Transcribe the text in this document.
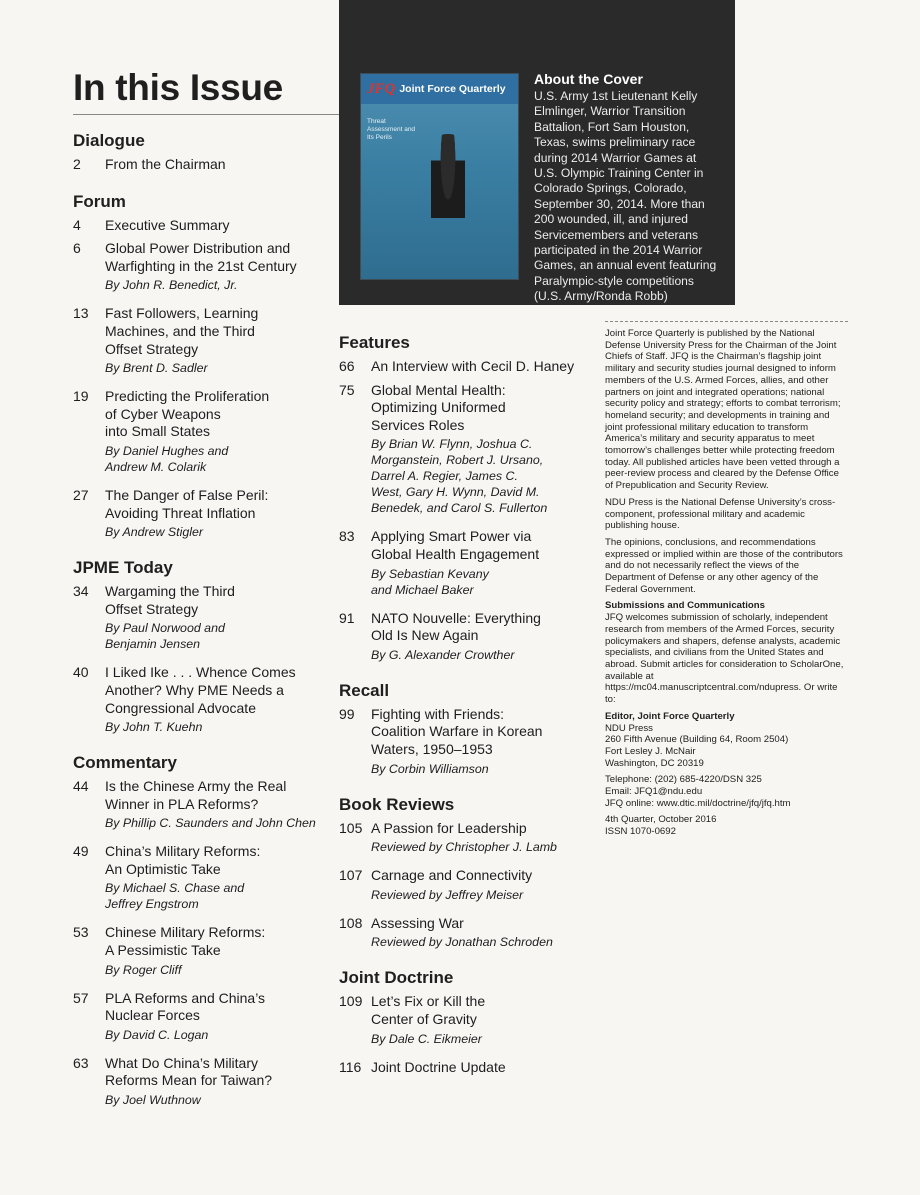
In this Issue
Dialogue
2	From the Chairman
Forum
4	Executive Summary
6	Global Power Distribution and
Warfighting in the 21st Century
By John R. Benedict, Jr.
13	Fast Followers, Learning
Machines, and the Third
Offset Strategy
By Brent D. Sadler
19	Predicting the Proliferation
of Cyber Weapons
into Small States
By Daniel Hughes and
Andrew M. Colarik
27	The Danger of False Peril:
Avoiding Threat Inflation
By Andrew Stigler
JPME Today
34	Wargaming the Third
Offset Strategy
By Paul Norwood and
Benjamin Jensen
40	I Liked Ike . . . Whence Comes
Another? Why PME Needs a
Congressional Advocate
By John T. Kuehn
Commentary
44	Is the Chinese Army the Real
Winner in PLA Reforms?
By Phillip C. Saunders and John Chen
49	China’s Military Reforms:
An Optimistic Take
By Michael S. Chase and
Jeffrey Engstrom
53	Chinese Military Reforms:
A Pessimistic Take
By Roger Cliff
57	PLA Reforms and China’s
Nuclear Forces
By David C. Logan
63	What Do China’s Military
Reforms Mean for Taiwan?
By Joel Wuthnow
JFQ Joint Force Quarterly
Threat Assessment and Its Perils
About the Cover
U.S. Army 1st Lieutenant Kelly Elmlinger, Warrior Transition Battalion, Fort Sam Houston, Texas, swims preliminary race during 2014 Warrior Games at U.S. Olympic Training Center in Colorado Springs, Colorado, September 30, 2014. More than 200 wounded, ill, and injured Servicemembers and veterans participated in the 2014 Warrior Games, an annual event featuring Paralympic-style competitions (U.S. Army/Ronda Robb)
Features
66	An Interview with Cecil D. Haney
75	Global Mental Health:
Optimizing Uniformed
Services Roles
By Brian W. Flynn, Joshua C.
Morganstein, Robert J. Ursano,
Darrel A. Regier, James C.
West, Gary H. Wynn, David M.
Benedek, and Carol S. Fullerton
83	Applying Smart Power via
Global Health Engagement
By Sebastian Kevany
and Michael Baker
91	NATO Nouvelle: Everything
Old Is New Again
By G. Alexander Crowther
Recall
99	Fighting with Friends:
Coalition Warfare in Korean
Waters, 1950–1953
By Corbin Williamson
Book Reviews
105 A Passion for Leadership
Reviewed by Christopher J. Lamb
107 Carnage and Connectivity
Reviewed by Jeffrey Meiser
108 Assessing War
Reviewed by Jonathan Schroden
Joint Doctrine
109 Let’s Fix or Kill the
Center of Gravity
By Dale C. Eikmeier
116 Joint Doctrine Update

Joint Force Quarterly is published by the National Defense University Press for the Chairman of the Joint Chiefs of Staff. JFQ is the Chairman’s flagship joint military and security studies journal designed to inform members of the U.S. Armed Forces, allies, and other partners on joint and integrated operations; national security policy and strategy; efforts to combat terrorism; homeland security; and developments in training and joint professional military education to transform America’s military and security apparatus to meet tomorrow’s challenges better while protecting freedom today. All published articles have been vetted through a peer-review process and cleared by the Defense Office of Prepublication and Security Review.

NDU Press is the National Defense University’s cross-component, professional military and academic publishing house.

The opinions, conclusions, and recommendations expressed or implied within are those of the contributors and do not necessarily reflect the views of the Department of Defense or any other agency of the Federal Government.

Submissions and Communications

JFQ welcomes submission of scholarly, independent research from members of the Armed Forces, security policymakers and shapers, defense analysts, academic specialists, and civilians from the United States and abroad. Submit articles for consideration to ScholarOne, available at https://mc04.manuscriptcentral.com/ndupress. Or write to:

Editor, Joint Force Quarterly

NDU Press
260 Fifth Avenue (Building 64, Room 2504)
Fort Lesley J. McNair
Washington, DC 20319

Telephone: (202) 685-4220/DSN 325
Email: JFQ1@ndu.edu
JFQ online: www.dtic.mil/doctrine/jfq/jfq.htm

4th Quarter, October 2016
ISSN 1070-0692
